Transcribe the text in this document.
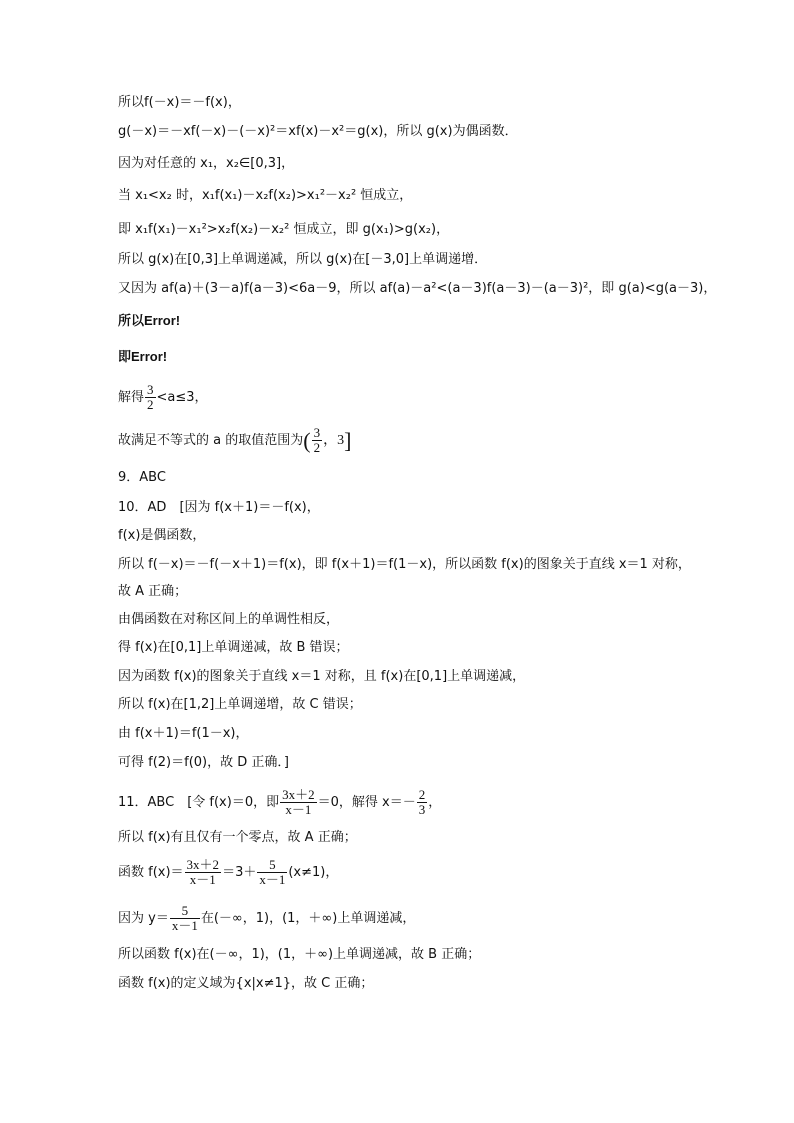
所以f(－x)＝－f(x)，
g(－x)＝－xf(－x)－(－x)²＝xf(x)－x²＝g(x)，所以 g(x)为偶函数．
因为对任意的 x₁，x₂∈[0,3]，
当 x₁<x₂ 时，x₁f(x₁)－x₂f(x₂)>x₁²－x₂² 恒成立，
即 x₁f(x₁)－x₁²>x₂f(x₂)－x₂² 恒成立，即 g(x₁)>g(x₂)，
所以 g(x)在[0,3]上单调递减，所以 g(x)在[－3,0]上单调递增．
又因为 af(a)＋(3－a)f(a－3)<6a－9，所以 af(a)－a²<(a－3)f(a－3)－(a－3)²，即 g(a)<g(a－3)，
所以Error!
即Error!
解得 $\frac{3}{2} <a\le 3$，
故满足不等式的 a 的取值范围为( $\frac{3}{2}$ ，3]
9．ABC
10．AD　[因为 f(x＋1)＝－f(x)，
f(x)是偶函数，
所以 f(－x)＝－f(－x＋1)＝f(x)，即 f(x＋1)＝f(1－x)，所以函数 f(x)的图象关于直线 x＝1 对称，
故 A 正确；
由偶函数在对称区间上的单调性相反，
得 f(x)在[0,1]上单调递减，故 B 错误；
因为函数 f(x)的图象关于直线 x＝1 对称，且 f(x)在[0,1]上单调递减，
所以 f(x)在[1,2]上单调递增，故 C 错误；
由 f(x＋1)＝f(1－x)，
可得 f(2)＝f(0)，故 D 正确．]
11．ABC　[令 f(x)＝0，即 $\frac{3x+2}{x-1} =0$，解得 $x=- \frac{2}{3}$ ，
所以 f(x)有且仅有一个零点，故 A 正确；
函数 $f(x)= \frac{3x+2}{x-1} =3+ \frac{5}{x-1} (x\ne 1)$，
因为 $y= \frac{5}{x-1}$ 在(－∞，1)，(1，＋∞)上单调递减，
所以函数 f(x)在(－∞，1)，(1，＋∞)上单调递减，故 B 正确；
函数 f(x)的定义域为{x|x≠1}，故 C 正确；
